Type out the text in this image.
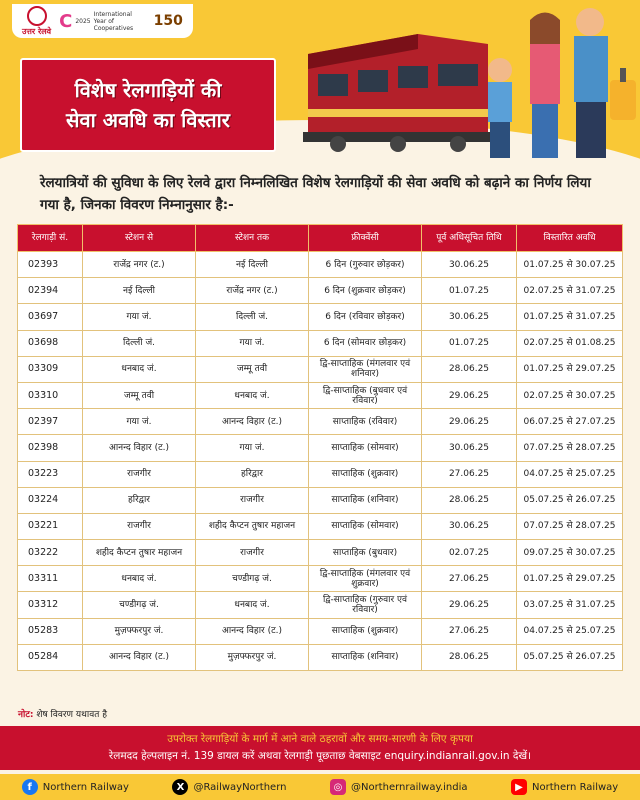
उत्तर रेलवे C 2025
International Year of Cooperatives	150
विशेष रेलगाड़ियों की
सेवा अवधि का विस्तार
रेलयात्रियों की सुविधा के लिए रेलवे द्वारा निम्नलिखित विशेष रेलगाड़ियों की सेवा अवधि को बढ़ाने का निर्णय लिया गया है, जिनका विवरण निम्नानुसार है:-
रेलगाड़ी सं.	स्टेशन से	स्टेशन तक	फ्रीक्वेंसी	पूर्व अधिसूचित तिथि	विस्तारित अवधि
02393	राजेंद्र नगर (ट.)	नई दिल्ली	6 दिन (गुरुवार छोड़कर)	30.06.25	01.07.25 से 30.07.25
02394	नई दिल्ली	राजेंद्र नगर (ट.)	6 दिन (शुक्रवार छोड़कर)	01.07.25	02.07.25 से 31.07.25
03697	गया जं.	दिल्ली जं.	6 दिन (रविवार छोड़कर)	30.06.25	01.07.25 से 31.07.25
03698	दिल्ली जं.	गया जं.	6 दिन (सोमवार छोड़कर)	01.07.25	02.07.25 से 01.08.25
03309	धनबाद जं.	जम्मू तवी	द्वि-साप्ताहिक (मंगलवार एवं शनिवार)	28.06.25	01.07.25 से 29.07.25
03310	जम्मू तवी	धनबाद जं.	द्वि-साप्ताहिक (बुधवार एवं रविवार)	29.06.25	02.07.25 से 30.07.25
02397	गया जं.	आनन्द विहार (ट.)	साप्ताहिक (रविवार)	29.06.25	06.07.25 से 27.07.25
02398	आनन्द विहार (ट.)	गया जं.	साप्ताहिक (सोमवार)	30.06.25	07.07.25 से 28.07.25
03223	राजगीर	हरिद्वार	साप्ताहिक (शुक्रवार)	27.06.25	04.07.25 से 25.07.25
03224	हरिद्वार	राजगीर	साप्ताहिक (शनिवार)	28.06.25	05.07.25 से 26.07.25
03221	राजगीर	शहीद कैप्टन तुषार महाजन	साप्ताहिक (सोमवार)	30.06.25	07.07.25 से 28.07.25
03222	शहीद कैप्टन तुषार महाजन	राजगीर	साप्ताहिक (बुधवार)	02.07.25	09.07.25 से 30.07.25
03311	धनबाद जं.	चण्डीगढ़ जं.	द्वि-साप्ताहिक (मंगलवार एवं शुक्रवार)	27.06.25	01.07.25 से 29.07.25
03312	चण्डीगढ़ जं.	धनबाद जं.	द्वि-साप्ताहिक (गुरुवार एवं रविवार)	29.06.25	03.07.25 से 31.07.25
05283	मुज़फ्फरपुर जं.	आनन्द विहार (ट.)	साप्ताहिक (शुक्रवार)	27.06.25	04.07.25 से 25.07.25
05284	आनन्द विहार (ट.)	मुज़फ्फरपुर जं.	साप्ताहिक (शनिवार)	28.06.25	05.07.25 से 26.07.25
नोट: शेष विवरण यथावत है
उपरोक्त रेलगाड़ियों के मार्ग में आने वाले ठहरावों और समय-सारणी के लिए कृपया
रेलमदद हेल्पलाइन नं. 139 डायल करें अथवा रेलगाड़ी पूछताछ वेबसाइट enquiry.indianrail.gov.in देखें।
f	Northern Railway	X @RailwayNorthern	◎ @Northernrailway.india	▶ Northern Railway
